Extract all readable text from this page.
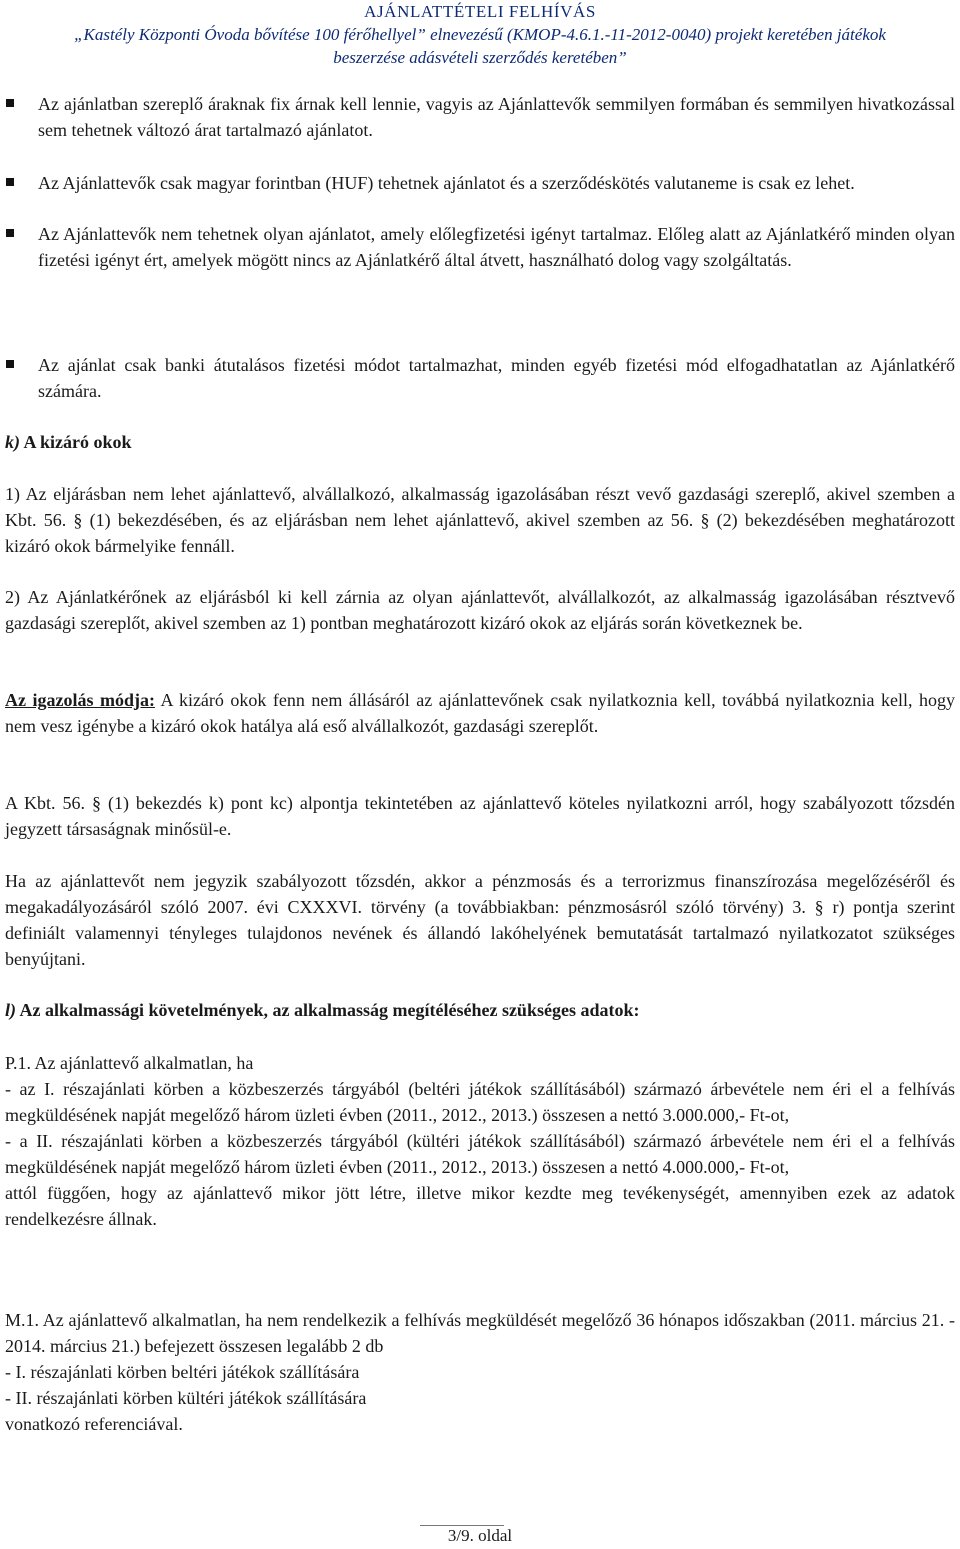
AJÁNLATTÉTELI FELHÍVÁS
„Kastély Központi Óvoda bővítése 100 férőhellyel” elnevezésű (KMOP-4.6.1.-11-2012-0040) projekt keretében játékok
beszerzése adásvételi szerződés keretében”
Az ajánlatban szereplő áraknak fix árnak kell lennie, vagyis az Ajánlattevők semmilyen formában és semmilyen hivatkozással sem tehetnek változó árat tartalmazó ajánlatot.
Az Ajánlattevők csak magyar forintban (HUF) tehetnek ajánlatot és a szerződéskötés valutaneme is csak ez lehet.
Az Ajánlattevők nem tehetnek olyan ajánlatot, amely előlegfizetési igényt tartalmaz. Előleg alatt az Ajánlatkérő minden olyan fizetési igényt ért, amelyek mögött nincs az Ajánlatkérő által átvett, használható dolog vagy szolgáltatás.
Az ajánlat csak banki átutalásos fizetési módot tartalmazhat, minden egyéb fizetési mód elfogadhatatlan az Ajánlatkérő számára.
k) A kizáró okok
1) Az eljárásban nem lehet ajánlattevő, alvállalkozó, alkalmasság igazolásában részt vevő gazdasági szereplő, akivel szemben a Kbt. 56. § (1) bekezdésében, és az eljárásban nem lehet ajánlattevő, akivel szemben az 56. § (2) bekezdésében meghatározott kizáró okok bármelyike fennáll.
2) Az Ajánlatkérőnek az eljárásból ki kell zárnia az olyan ajánlattevőt, alvállalkozót, az alkalmasság igazolásában résztvevő gazdasági szereplőt, akivel szemben az 1) pontban meghatározott kizáró okok az eljárás során következnek be.
Az igazolás módja: A kizáró okok fenn nem állásáról az ajánlattevőnek csak nyilatkoznia kell, továbbá nyilatkoznia kell, hogy nem vesz igénybe a kizáró okok hatálya alá eső alvállalkozót, gazdasági szereplőt.
A Kbt. 56. § (1) bekezdés k) pont kc) alpontja tekintetében az ajánlattevő köteles nyilatkozni arról, hogy szabályozott tőzsdén jegyzett társaságnak minősül-e.
Ha az ajánlattevőt nem jegyzik szabályozott tőzsdén, akkor a pénzmosás és a terrorizmus finanszírozása megelőzéséről és megakadályozásáról szóló 2007. évi CXXXVI. törvény (a továbbiakban: pénzmosásról szóló törvény) 3. § r) pontja szerint definiált valamennyi tényleges tulajdonos nevének és állandó lakóhelyének bemutatását tartalmazó nyilatkozatot szükséges benyújtani.
l) Az alkalmassági követelmények, az alkalmasság megítéléséhez szükséges adatok:
P.1. Az ajánlattevő alkalmatlan, ha
- az I. részajánlati körben a közbeszerzés tárgyából (beltéri játékok szállításából) származó árbevétele nem éri el a felhívás megküldésének napját megelőző három üzleti évben (2011., 2012., 2013.) összesen a nettó 3.000.000,- Ft-ot,
- a II. részajánlati körben a közbeszerzés tárgyából (kültéri játékok szállításából) származó árbevétele nem éri el a felhívás megküldésének napját megelőző három üzleti évben (2011., 2012., 2013.) összesen a nettó 4.000.000,- Ft-ot,
attól függően, hogy az ajánlattevő mikor jött létre, illetve mikor kezdte meg tevékenységét, amennyiben ezek az adatok rendelkezésre állnak.
M.1. Az ajánlattevő alkalmatlan, ha nem rendelkezik a felhívás megküldését megelőző 36 hónapos időszakban (2011. március 21. - 2014. március 21.) befejezett összesen legalább 2 db
- I. részajánlati körben beltéri játékok szállítására
- II. részajánlati körben kültéri játékok szállítására
vonatkozó referenciával.
3/9. oldal
